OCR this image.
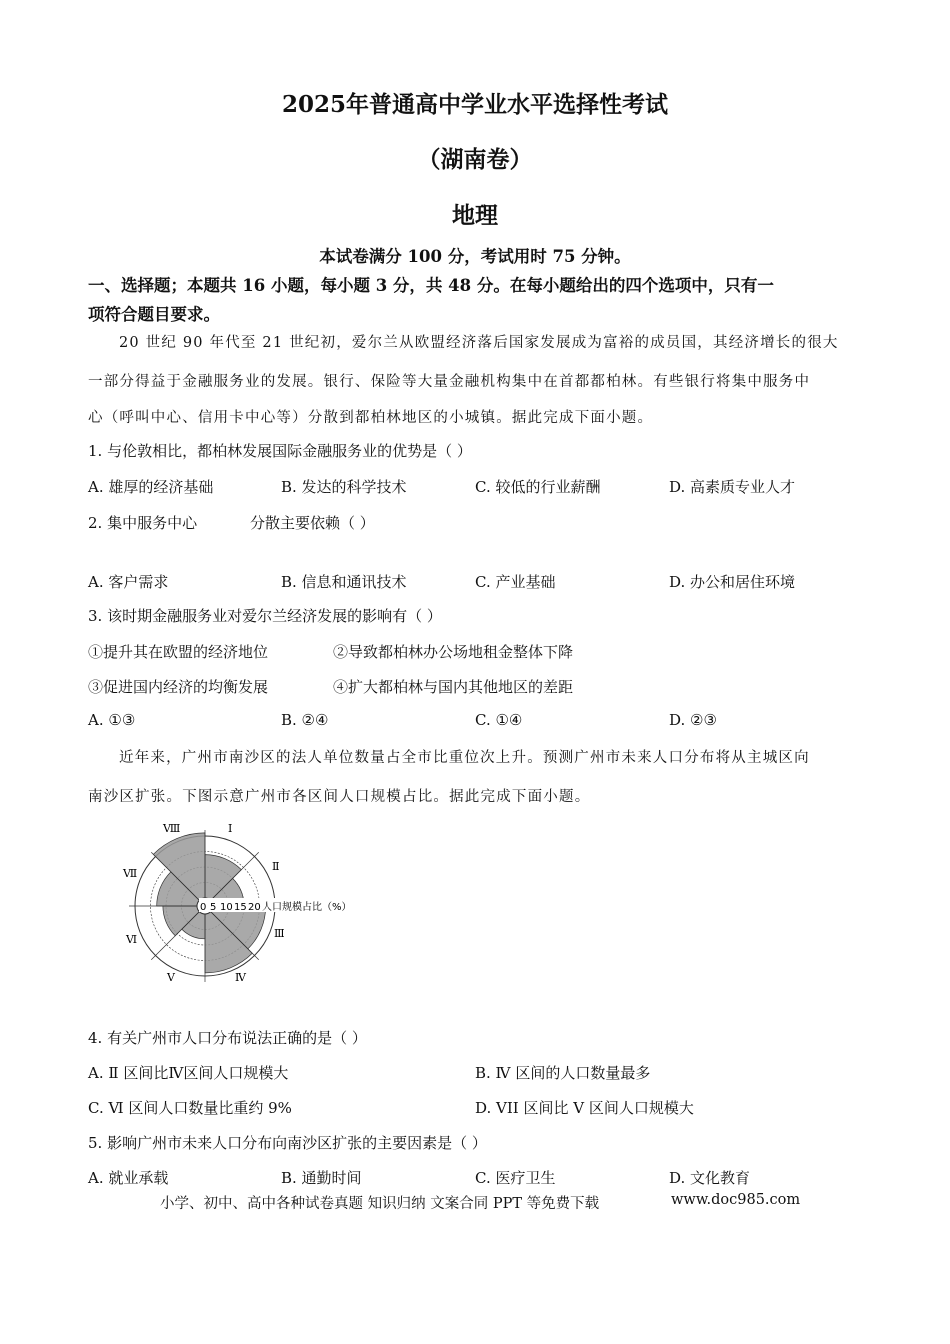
2025年普通高中学业水平选择性考试
（湖南卷）
地理
本试卷满分 100 分，考试用时 75 分钟。
一、选择题；本题共 16 小题，每小题 3 分，共 48 分。在每小题给出的四个选项中，只有一
项符合题目要求。
20 世纪 90 年代至 21 世纪初，爱尔兰从欧盟经济落后国家发展成为富裕的成员国，其经济增长的很大
一部分得益于金融服务业的发展。银行、保险等大量金融机构集中在首都都柏林。有些银行将集中服务中
心（呼叫中心、信用卡中心等）分散到都柏林地区的小城镇。据此完成下面小题。
1. 与伦敦相比，都柏林发展国际金融服务业的优势是（ ）
A. 雄厚的经济基础	B. 发达的科学技术	C. 较低的行业薪酬	D. 高素质专业人才
2. 集中服务中心	分散主要依赖（ ）
A. 客户需求	B. 信息和通讯技术	C. 产业基础	D. 办公和居住环境
3. 该时期金融服务业对爱尔兰经济发展的影响有（ ）
①提升其在欧盟的经济地位	②导致都柏林办公场地租金整体下降
③促进国内经济的均衡发展	④扩大都柏林与国内其他地区的差距
A. ①③	B. ②④	C. ①④	D. ②③
近年来，广州市南沙区的法人单位数量占全市比重位次上升。预测广州市未来人口分布将从主城区向
南沙区扩张。下图示意广州市各区间人口规模占比。据此完成下面小题。
Ⅰ
Ⅱ
Ⅲ
Ⅳ
Ⅴ
Ⅵ
Ⅶ
Ⅷ
0 5 10 15 20 人口规模占比（%）
4. 有关广州市人口分布说法正确的是（ ）
A. Ⅱ 区间比Ⅳ区间人口规模大	B. Ⅳ 区间的人口数量最多
C. Ⅵ 区间人口数量比重约 9%	D. VII 区间比 V 区间人口规模大
5. 影响广州市未来人口分布向南沙区扩张的主要因素是（ ）
A. 就业承载	B. 通勤时间	C. 医疗卫生	D. 文化教育
小学、初中、高中各种试卷真题 知识归纳 文案合同 PPT 等免费下载	www.doc985.com
